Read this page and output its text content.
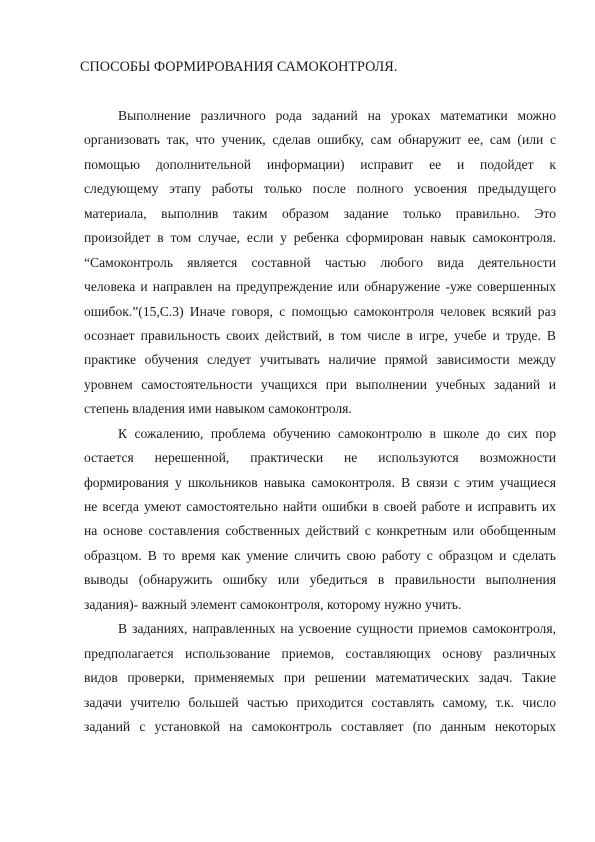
СПОСОБЫ ФОРМИРОВАНИЯ САМОКОНТРОЛЯ.
Выполнение различного рода заданий на уроках математики можно
организовать так, что ученик, сделав ошибку, сам обнаружит ее, сам (или с
помощью дополнительной информации) исправит ее и подойдет к
следующему этапу работы только после полного усвоения предыдущего
материала, выполнив таким образом задание только правильно. Это
произойдет в том случае, если у ребенка сформирован навык самоконтроля.
“Самоконтроль является составной частью любого вида деятельности
человека и направлен на предупреждение или обнаружение -уже совершенных
ошибок.”(15,С.3) Иначе говоря, с помощью самоконтроля человек всякий раз
осознает правильность своих действий, в том числе в игре, учебе и труде. В
практике обучения следует учитывать наличие прямой зависимости между
уровнем самостоятельности учащихся при выполнении учебных заданий и
степень владения ими навыком самоконтроля.
К сожалению, проблема обучению самоконтролю в школе до сих пор
остается нерешенной, практически не используются возможности
формирования у школьников навыка самоконтроля. В связи с этим учащиеся
не всегда умеют самостоятельно найти ошибки в своей работе и исправить их
на основе составления собственных действий с конкретным или обобщенным
образцом. В то время как умение сличить свою работу с образцом и сделать
выводы (обнаружить ошибку или убедиться в правильности выполнения
задания)- важный элемент самоконтроля, которому нужно учить.
В заданиях, направленных на усвоение сущности приемов самоконтроля,
предполагается использование приемов, составляющих основу различных
видов проверки, применяемых при решении математических задач. Такие
задачи учителю большей частью приходится составлять самому, т.к. число
заданий с установкой на самоконтроль составляет (по данным некоторых
